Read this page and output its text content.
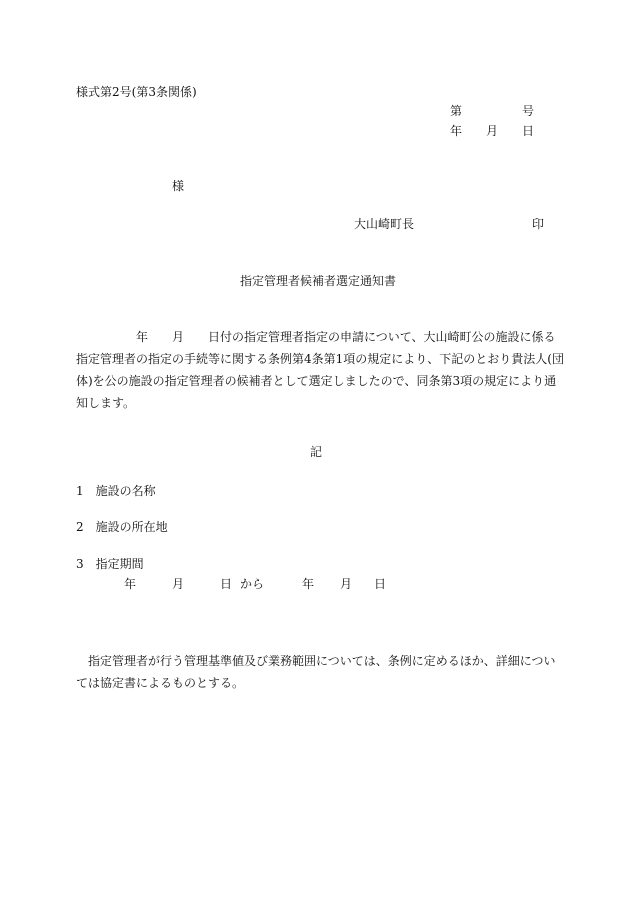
様式第2号(第3条関係)
第	号
年 月 日
様
大山崎町長	印
指定管理者候補者選定通知書

年 月 日付の指定管理者指定の申請について、大山崎町公の施設に係る

指定管理者の指定の手続等に関する条例第4条第1項の規定により、下記のとおり貴法人(団

体)を公の施設の指定管理者の候補者として選定しましたので、同条第3項の規定により通

知します。

記
1 施設の名称
2 施設の所在地
3 指定期間
年	月	日 から	年 月 日

指定管理者が行う管理基準値及び業務範囲については、条例に定めるほか、詳細につい

ては協定書によるものとする。
